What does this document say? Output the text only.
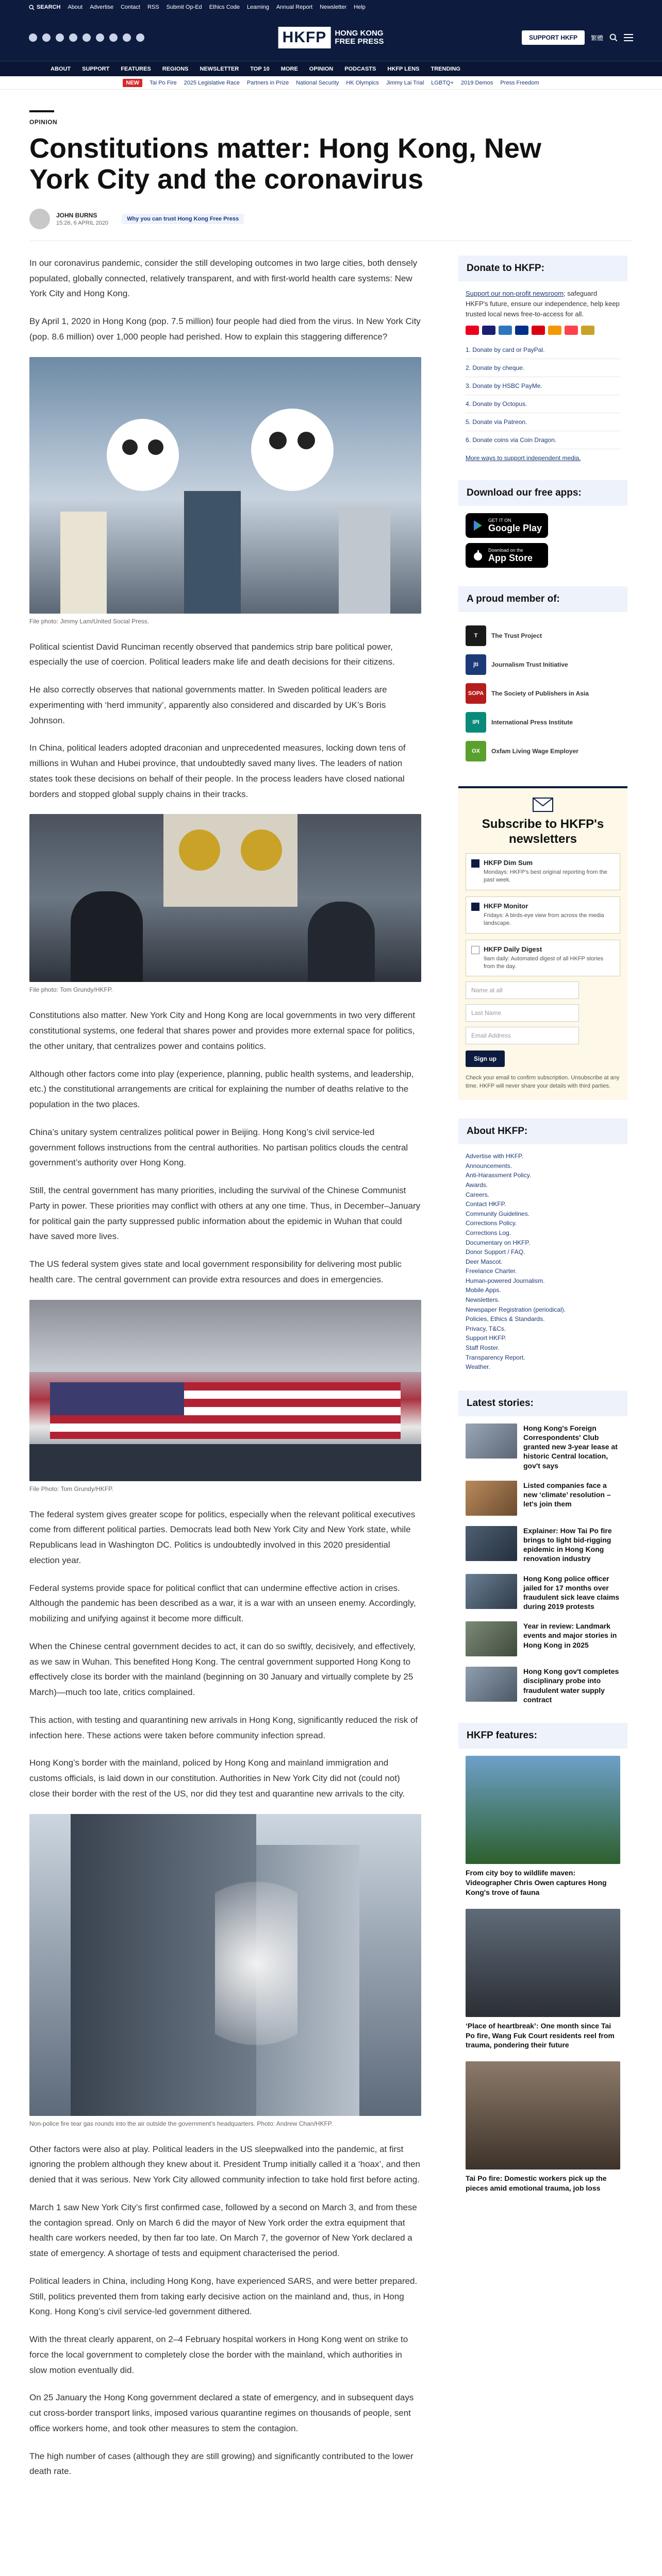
SEARCH About Advertise Contact RSS Submit Op-Ed Ethics Code Learning Annual Report Newsletter Help
HKFP	HONG KONG
FREE PRESS	SUPPORT HKFP	繁體
ABOUT SUPPORT FEATURES REGIONS NEWSLETTER TOP 10 MORE OPINION PODCASTS HKFP LENS TRENDING
NEW	Tai Po Fire 2025 Legislative Race Partners in Prize National Security HK Olympics Jimmy Lai Trial LGBTQ+ 2019 Demos Press Freedom
OPINION
Constitutions matter: Hong Kong, New York City and the coronavirus
JOHN BURNS
15:26, 6 APRIL 2020
Why you can trust Hong Kong Free Press

In our coronavirus pandemic, consider the still developing outcomes in two large cities, both densely populated, globally connected, relatively transparent, and with first-world health care systems: New York City and Hong Kong.

By April 1, 2020 in Hong Kong (pop. 7.5 million) four people had died from the virus. In New York City (pop. 8.6 million) over 1,000 people had perished. How to explain this staggering difference?

File photo: Jimmy Lam/United Social Press.

Political scientist David Runciman recently observed that pandemics strip bare political power, especially the use of coercion. Political leaders make life and death decisions for their citizens.

He also correctly observes that national governments matter. In Sweden political leaders are experimenting with ‘herd immunity’, apparently also considered and discarded by UK’s Boris Johnson.

In China, political leaders adopted draconian and unprecedented measures, locking down tens of millions in Wuhan and Hubei province, that undoubtedly saved many lives. The leaders of nation states took these decisions on behalf of their people. In the process leaders have closed national borders and stopped global supply chains in their tracks.

File photo: Tom Grundy/HKFP.

Constitutions also matter. New York City and Hong Kong are local governments in two very different constitutional systems, one federal that shares power and provides more external space for politics, the other unitary, that centralizes power and contains politics.

Although other factors come into play (experience, planning, public health systems, and leadership, etc.) the constitutional arrangements are critical for explaining the number of deaths relative to the population in the two places.

China’s unitary system centralizes political power in Beijing. Hong Kong’s civil service-led government follows instructions from the central authorities. No partisan politics clouds the central government’s authority over Hong Kong.

Still, the central government has many priorities, including the survival of the Chinese Communist Party in power. These priorities may conflict with others at any one time. Thus, in December–January for political gain the party suppressed public information about the epidemic in Wuhan that could have saved more lives.

The US federal system gives state and local government responsibility for delivering most public health care. The central government can provide extra resources and does in emergencies.

File Photo: Tom Grundy/HKFP.

The federal system gives greater scope for politics, especially when the relevant political executives come from different political parties. Democrats lead both New York City and New York state, while Republicans lead in Washington DC. Politics is undoubtedly involved in this 2020 presidential election year.

Federal systems provide space for political conflict that can undermine effective action in crises. Although the pandemic has been described as a war, it is a war with an unseen enemy. Accordingly, mobilizing and unifying against it become more difficult.

When the Chinese central government decides to act, it can do so swiftly, decisively, and effectively, as we saw in Wuhan. This benefited Hong Kong. The central government supported Hong Kong to effectively close its border with the mainland (beginning on 30 January and virtually complete by 25 March)—much too late, critics complained.

This action, with testing and quarantining new arrivals in Hong Kong, significantly reduced the risk of infection here. These actions were taken before community infection spread.

Hong Kong’s border with the mainland, policed by Hong Kong and mainland immigration and customs officials, is laid down in our constitution. Authorities in New York City did not (could not) close their border with the rest of the US, nor did they test and quarantine new arrivals to the city.

Non-police fire tear gas rounds into the air outside the government’s headquarters. Photo: Andrew Chan/HKFP.

Other factors were also at play. Political leaders in the US sleepwalked into the pandemic, at first ignoring the problem although they knew about it. President Trump initially called it a ‘hoax’, and then denied that it was serious. New York City allowed community infection to take hold first before acting.

March 1 saw New York City’s first confirmed case, followed by a second on March 3, and from these the contagion spread. Only on March 6 did the mayor of New York order the extra equipment that health care workers needed, by then far too late. On March 7, the governor of New York declared a state of emergency. A shortage of tests and equipment characterised the period.

Political leaders in China, including Hong Kong, have experienced SARS, and were better prepared. Still, politics prevented them from taking early decisive action on the mainland and, thus, in Hong Kong. Hong Kong’s civil service-led government dithered.

With the threat clearly apparent, on 2–4 February hospital workers in Hong Kong went on strike to force the local government to completely close the border with the mainland, which authorities in slow motion eventually did.

On 25 January the Hong Kong government declared a state of emergency, and in subsequent days cut cross-border transport links, imposed various quarantine regimes on thousands of people, sent office workers home, and took other measures to stem the contagion.

The high number of cases (although they are still growing) and significantly contributed to the lower death rate.

Donate to HKFP:
Support our non-profit newsroom; safeguard HKFP's future, ensure our independence, help keep trusted local news free-to-access for all.
1. Donate by card or PayPal.
2. Donate by cheque.
3. Donate by HSBC PayMe.
4. Donate by Octopus.
5. Donate via Patreon.
6. Donate coins via Coin Dragon.
More ways to support independent media.
Download our free apps:
GET IT ON
Google Play
Download on the
App Store
A proud member of:
T	The Trust Project
jti	Journalism Trust Initiative
SOPA	The Society of Publishers in Asia
IPI	International Press Institute
OX	Oxfam Living Wage Employer
Subscribe to HKFP's newsletters
HKFP Dim Sum
Mondays: HKFP's best original reporting from the past week.
HKFP Monitor
Fridays: A birds-eye view from across the media landscape.
HKFP Daily Digest
9am daily: Automated digest of all HKFP stories from the day.
Name at all
Last Name
Email Address
Sign up
Check your email to confirm subscription. Unsubscribe at any time. HKFP will never share your details with third parties.
About HKFP:
Advertise with HKFP.
Announcements.
Anti-Harassment Policy.
Awards.
Careers.
Contact HKFP.
Community Guidelines.
Corrections Policy.
Corrections Log.
Documentary on HKFP.
Donor Support / FAQ.
Deer Mascot.
Freelance Charter.
Human-powered Journalism.
Mobile Apps.
Newsletters.
Newspaper Registration (periodical).
Policies, Ethics & Standards.
Privacy, T&Cs.
Support HKFP.
Staff Roster.
Transparency Report.
Weather.
Latest stories:
Hong Kong's Foreign Correspondents' Club granted new 3-year lease at historic Central location, gov't says
Listed companies face a new ‘climate’ resolution – let's join them
Explainer: How Tai Po fire brings to light bid-rigging epidemic in Hong Kong renovation industry
Hong Kong police officer jailed for 17 months over fraudulent sick leave claims during 2019 protests
Year in review: Landmark events and major stories in Hong Kong in 2025
Hong Kong gov't completes disciplinary probe into fraudulent water supply contract
HKFP features:
From city boy to wildlife maven: Videographer Chris Owen captures Hong Kong's trove of fauna
‘Place of heartbreak’: One month since Tai Po fire, Wang Fuk Court residents reel from trauma, pondering their future
Tai Po fire: Domestic workers pick up the pieces amid emotional trauma, job loss
